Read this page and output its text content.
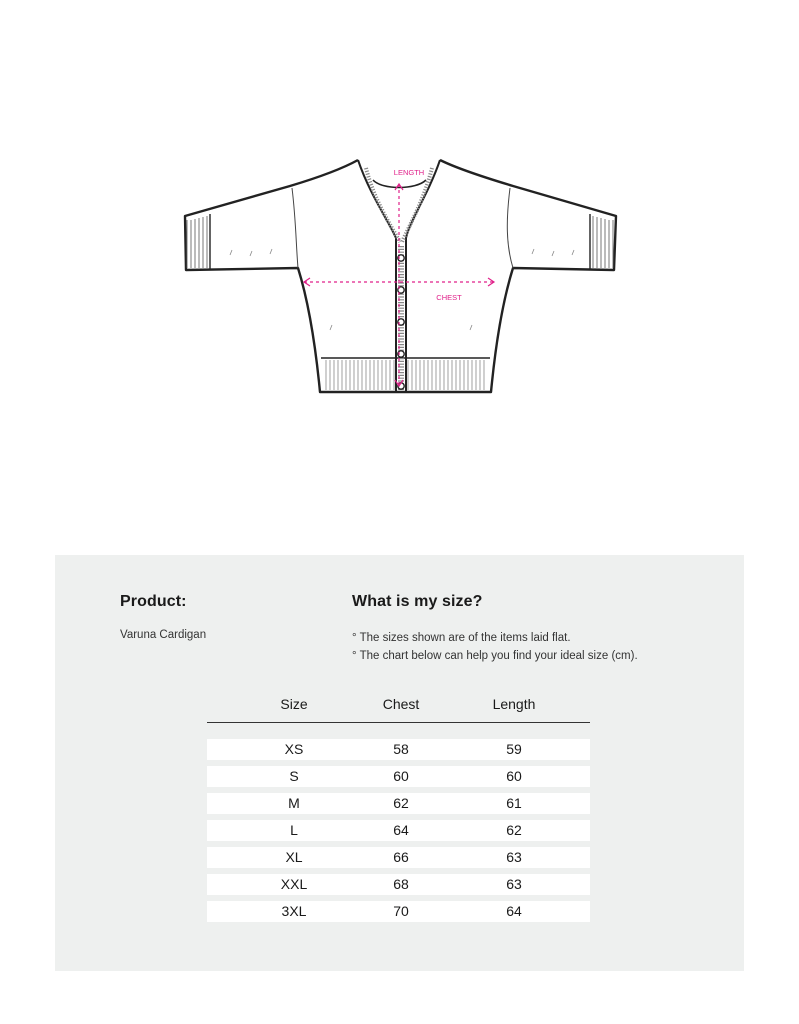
LENGTH
CHEST
Product:
Varuna Cardigan
What is my size?
° The sizes shown are of the items laid flat.
° The chart below can help you find your ideal size (cm).
Size	Chest	Length
XS	58	59
S	60	60
M	62	61
L	64	62
XL	66	63
XXL	68	63
3XL	70	64
